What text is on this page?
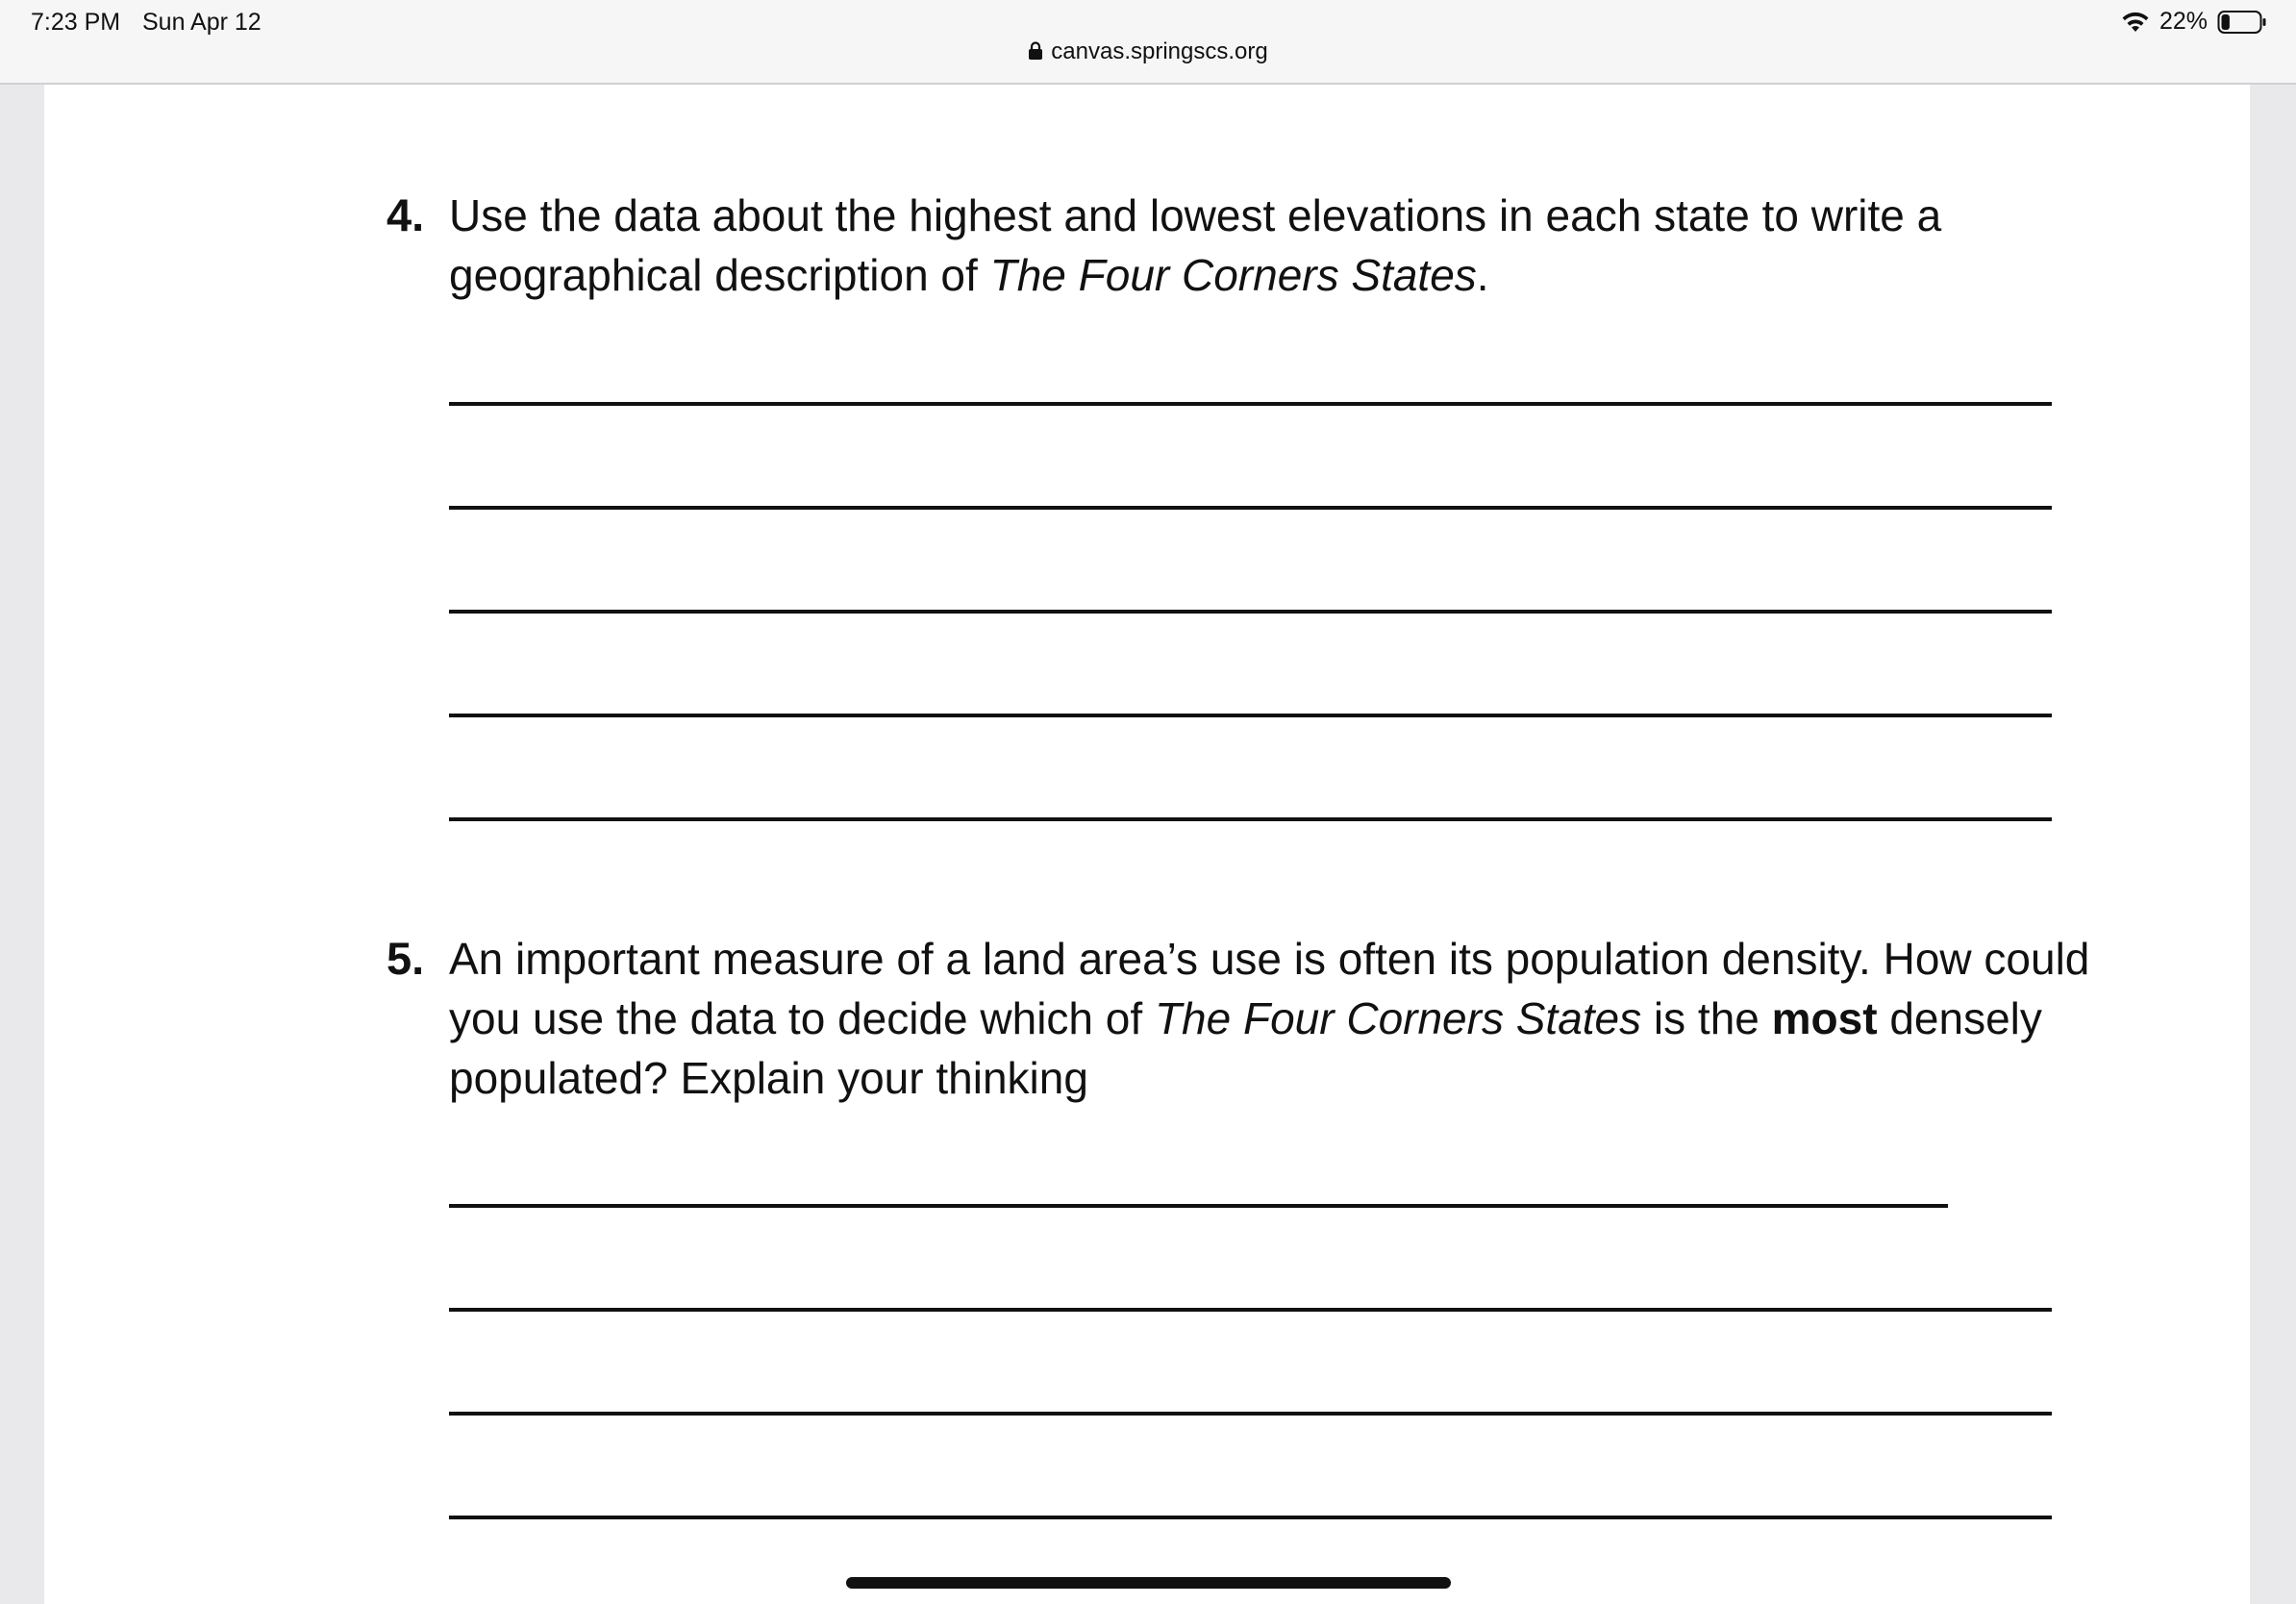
7:23 PM Sun Apr 12	22%
canvas.springscs.org
4. Use the data about the highest and lowest elevations in each state to write a geographical description of The Four Corners States.
5. An important measure of a land area’s use is often its population density. How could you use the data to decide which of The Four Corners States is the most densely populated? Explain your thinking
